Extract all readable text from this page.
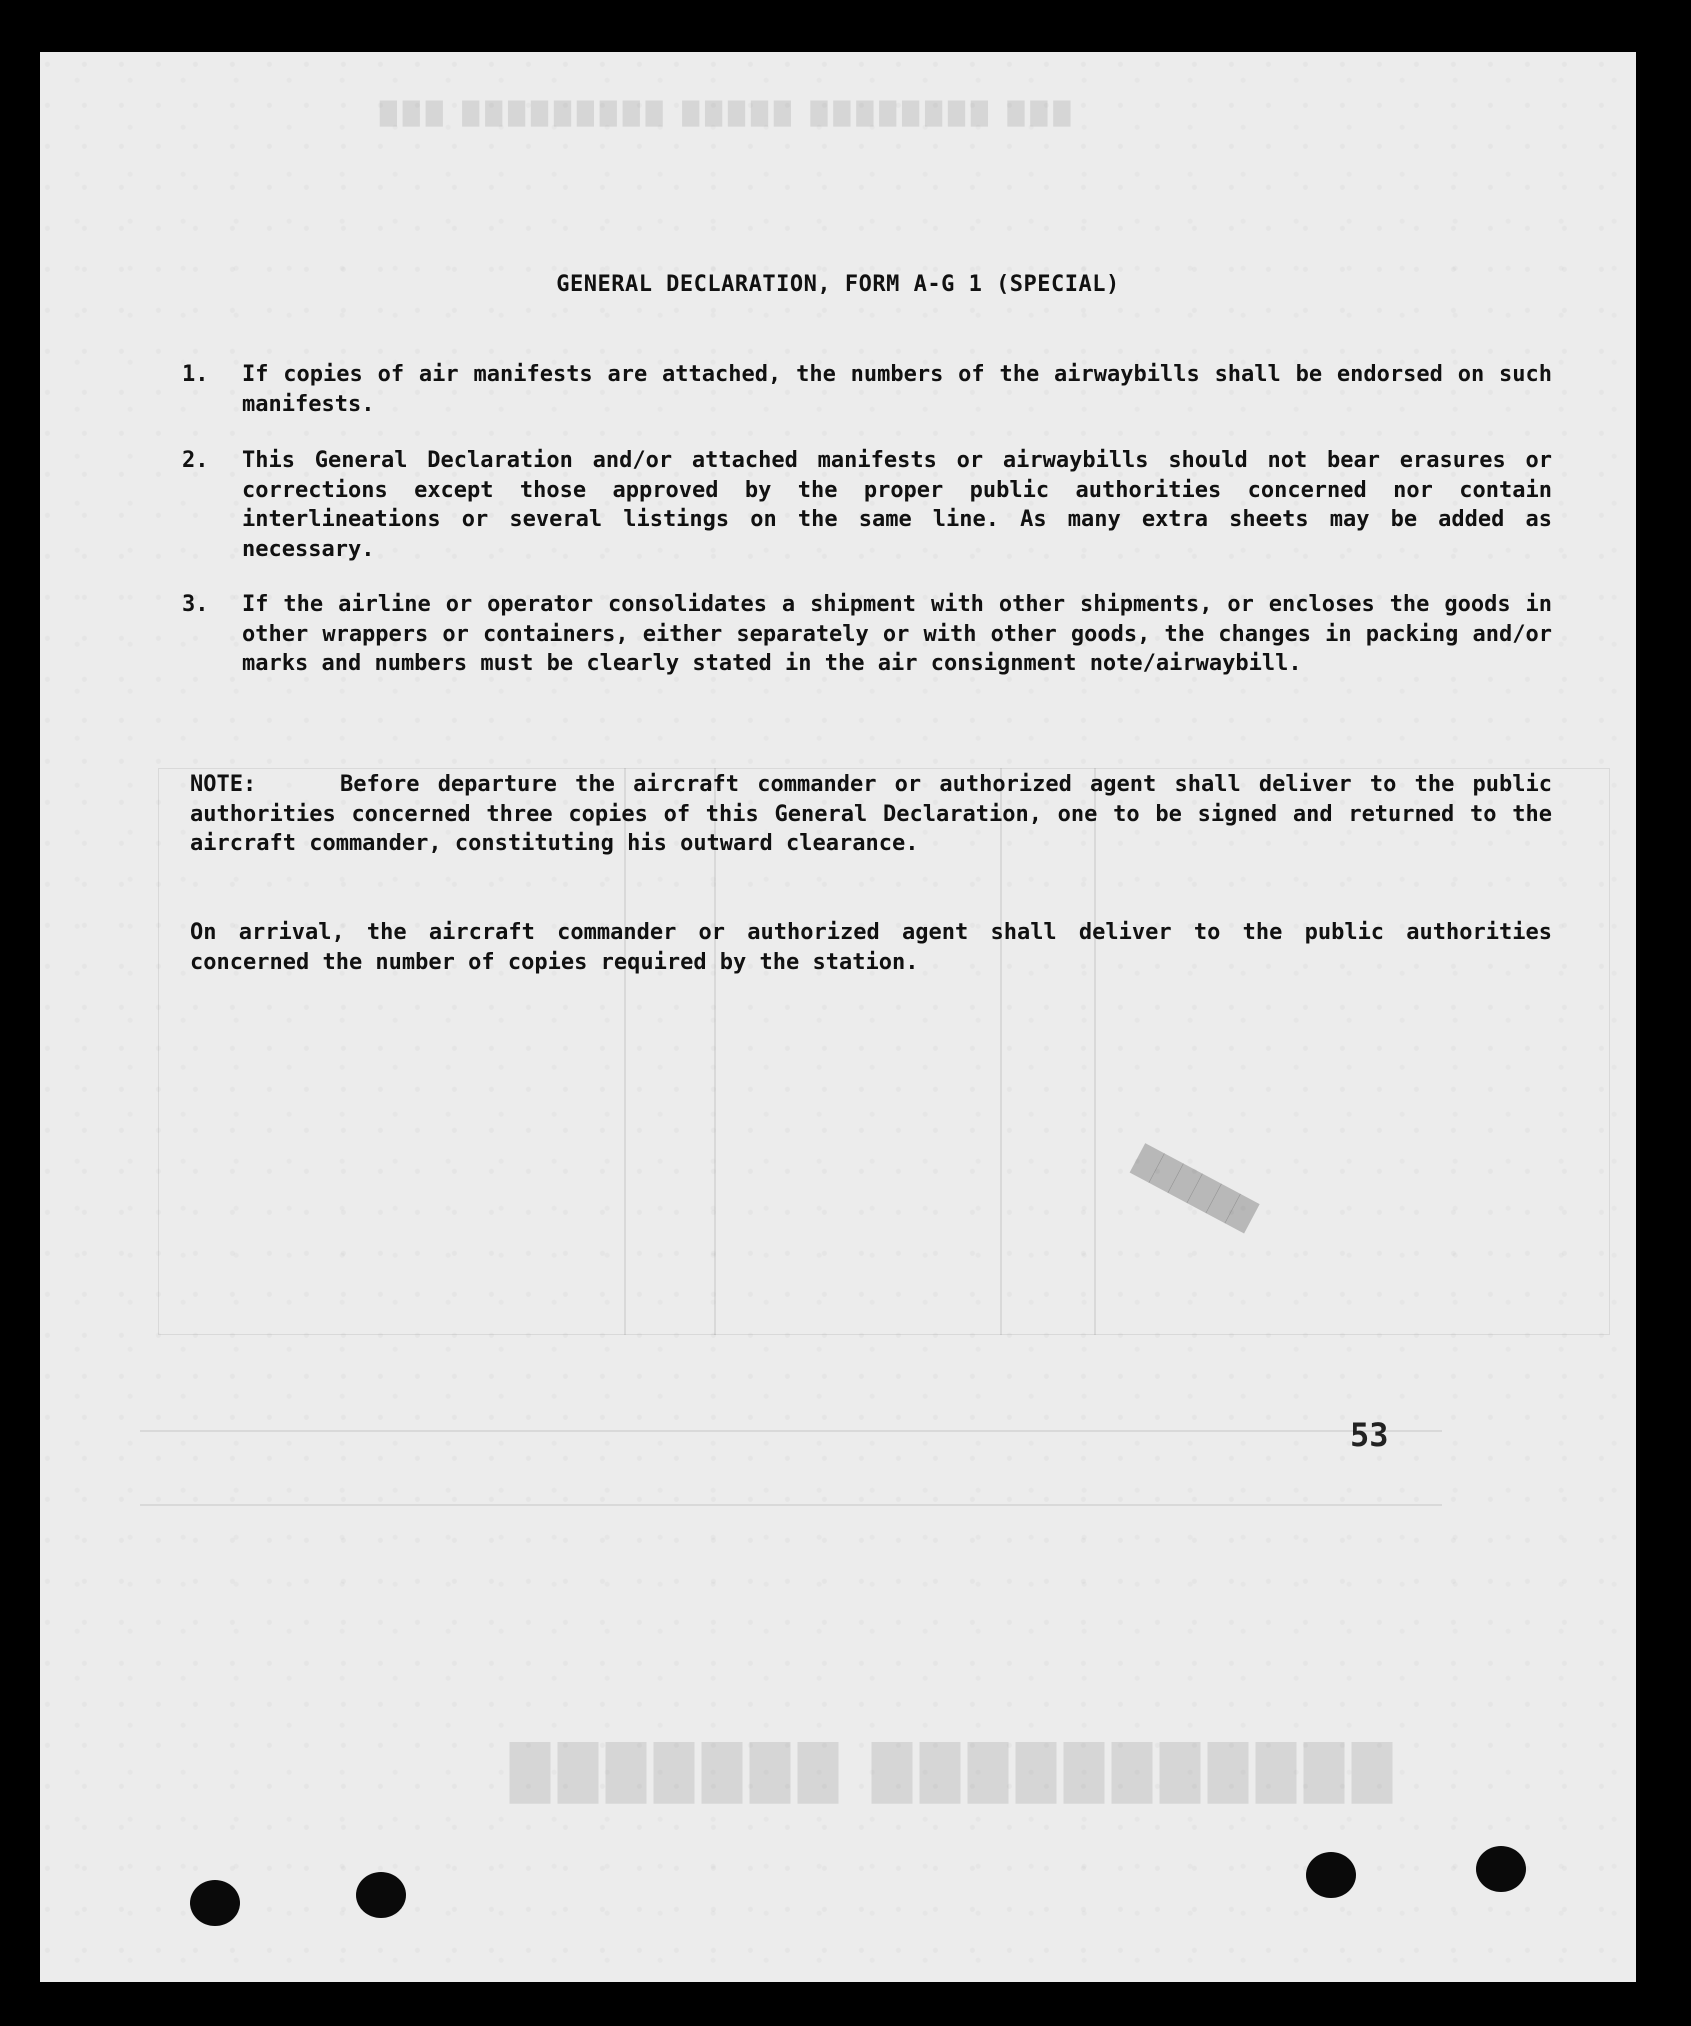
███████ ███████████
███ █████████ █████ ████████ ███
GENERAL DECLARATION, FORM A-G 1 (SPECIAL)
1.	If copies of air manifests are attached, the numbers of the airwaybills shall be endorsed on such manifests.
2.	This General Declaration and/or attached manifests or airwaybills should not bear erasures or corrections except those approved by the proper public authorities concerned nor contain interlineations or several listings on the same line. As many extra sheets may be added as necessary.
3.	If the airline or operator consolidates a shipment with other shipments, or encloses the goods in other wrappers or containers, either separately or with other goods, the changes in packing and/or marks and numbers must be clearly stated in the air consignment note/airwaybill.
NOTE:	Before departure the aircraft commander or authorized agent shall deliver to the public authorities concerned three copies of this General Declaration, one to be signed and returned to the aircraft commander, constituting his outward clearance.
On arrival, the aircraft commander or authorized agent shall deliver to the public authorities concerned the number of copies required by the station.
██████
53
